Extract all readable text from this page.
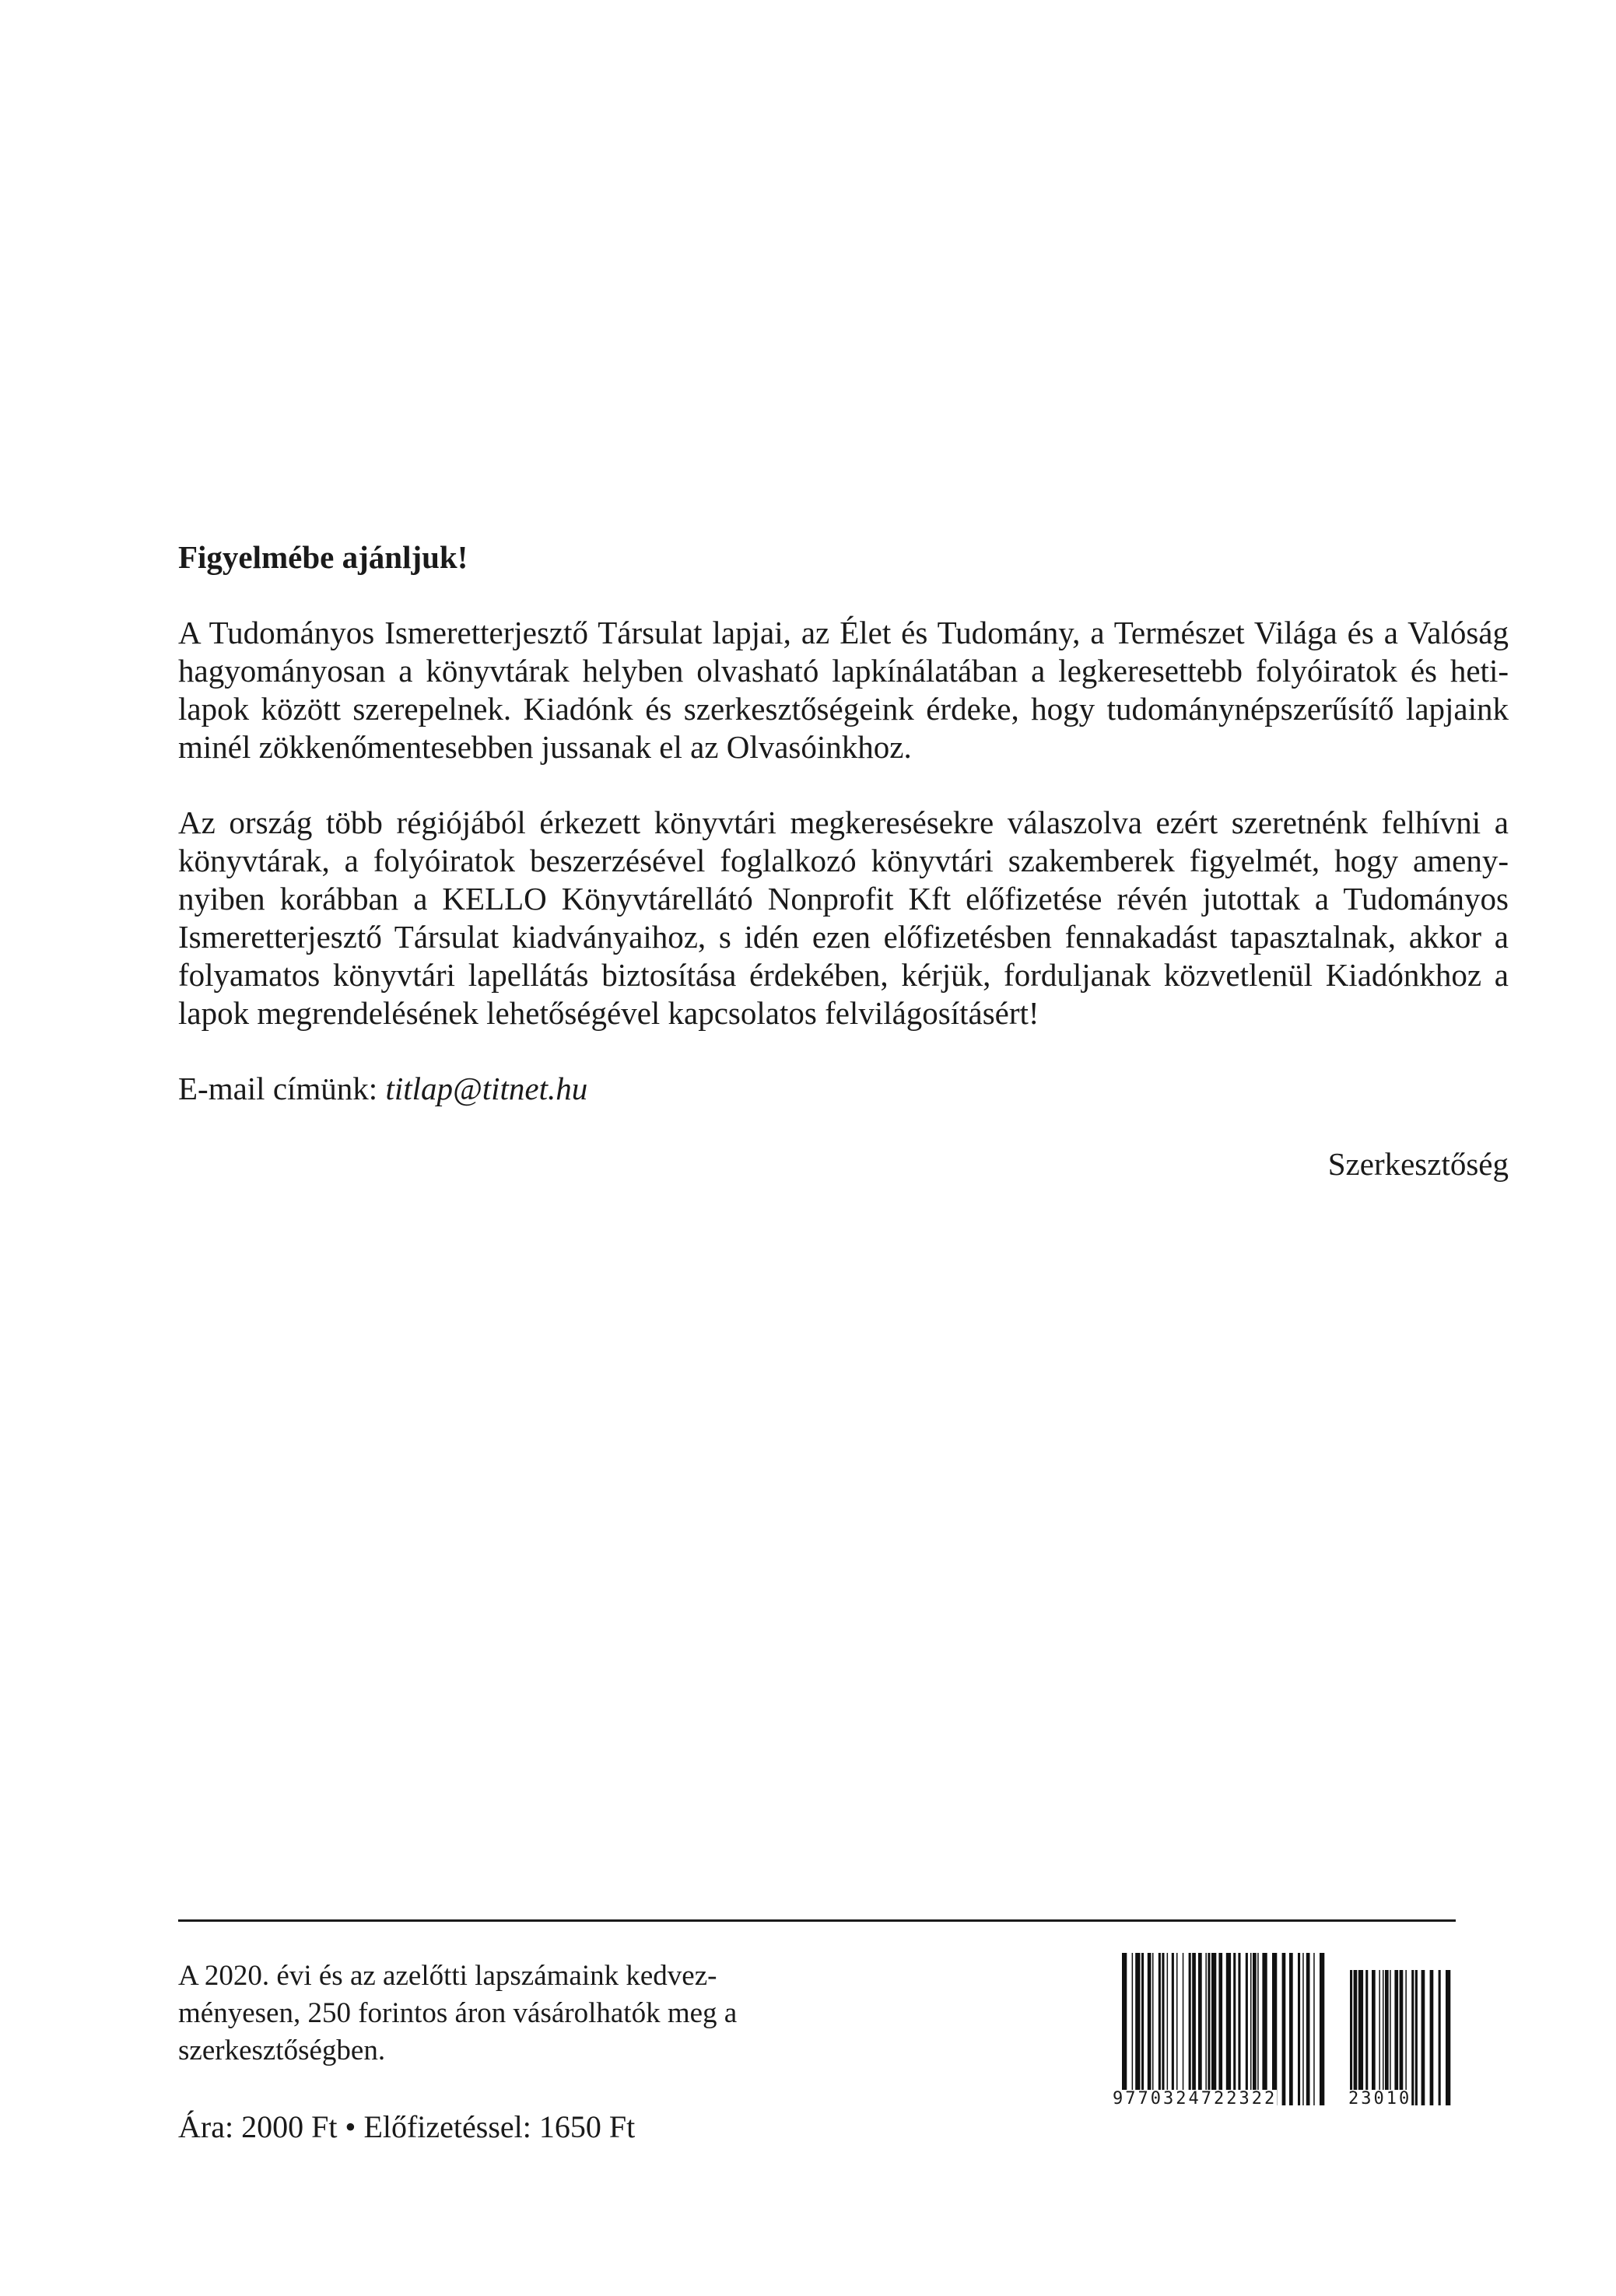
Figyelmébe ajánljuk!

A Tudományos Ismeretterjesztő Társulat lapjai, az Élet és Tudomány, a Természet Világa és a Valóság hagyományosan a könyvtárak helyben olvasható lapkínálatában a legkeresettebb folyóiratok és hetilapok között szerepelnek. Kiadónk és szerkesztőségeink érdeke, hogy tudománynépszerűsítő lapjaink minél zökkenőmentesebben jussanak el az Olvasóinkhoz.

Az ország több régiójából érkezett könyvtári megkeresésekre válaszolva ezért szeretnénk felhívni a könyvtárak, a folyóiratok beszerzésével foglalkozó könyvtári szakemberek figyelmét, hogy amenynyiben korábban a KELLO Könyvtárellátó Nonprofit Kft előfizetése révén jutottak a Tudományos Ismeretterjesztő Társulat kiadványaihoz, s idén ezen előfizetésben fennakadást tapasztalnak, akkor a folyamatos könyvtári lapellátás biztosítása érdekében, kérjük, forduljanak közvetlenül Kiadónkhoz a lapok megrendelésének lehetőségével kapcsolatos felvilágosításért!

E-mail címünk: titlap@titnet.hu
Szerkesztőség
A 2020. évi és az azelőtti lapszámaink kedvezményesen, 250 forintos áron vásárolhatók meg a szerkesztőségben.
Ára: 2000 Ft • Előfizetéssel: 1650 Ft
9770324722322	23010
